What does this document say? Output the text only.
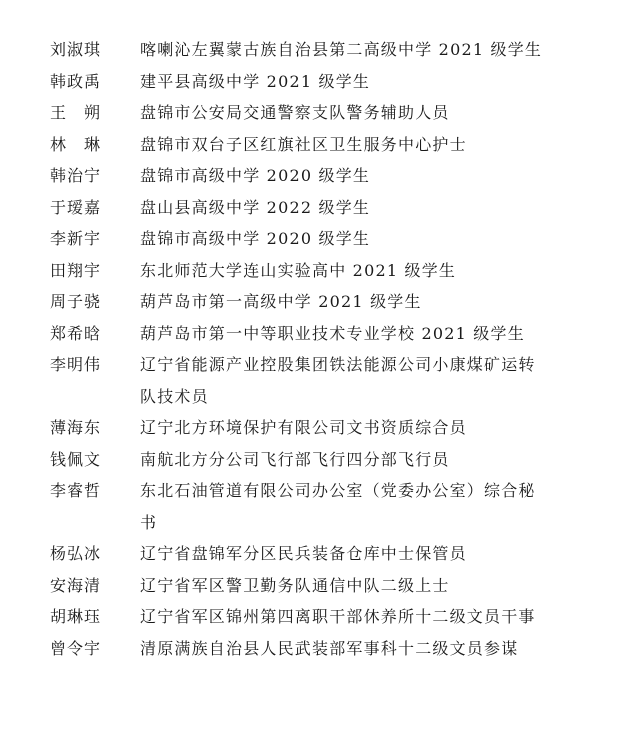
刘淑琪	喀喇沁左翼蒙古族自治县第二高级中学 2021 级学生
韩政禹	建平县高级中学 2021 级学生
王　朔	盘锦市公安局交通警察支队警务辅助人员
林　琳	盘锦市双台子区红旗社区卫生服务中心护士
韩治宁	盘锦市高级中学 2020 级学生
于瑷嘉	盘山县高级中学 2022 级学生
李新宇	盘锦市高级中学 2020 级学生
田翔宇	东北师范大学连山实验高中 2021 级学生
周子骁	葫芦岛市第一高级中学 2021 级学生
郑希晗	葫芦岛市第一中等职业技术专业学校 2021 级学生
李明伟	辽宁省能源产业控股集团铁法能源公司小康煤矿运转队技术员
薄海东	辽宁北方环境保护有限公司文书资质综合员
钱佩文	南航北方分公司飞行部飞行四分部飞行员
李睿哲	东北石油管道有限公司办公室（党委办公室）综合秘书
杨弘冰	辽宁省盘锦军分区民兵装备仓库中士保管员
安海清	辽宁省军区警卫勤务队通信中队二级上士
胡琳珏	辽宁省军区锦州第四离职干部休养所十二级文员干事
曾令宇	清原满族自治县人民武装部军事科十二级文员参谋
